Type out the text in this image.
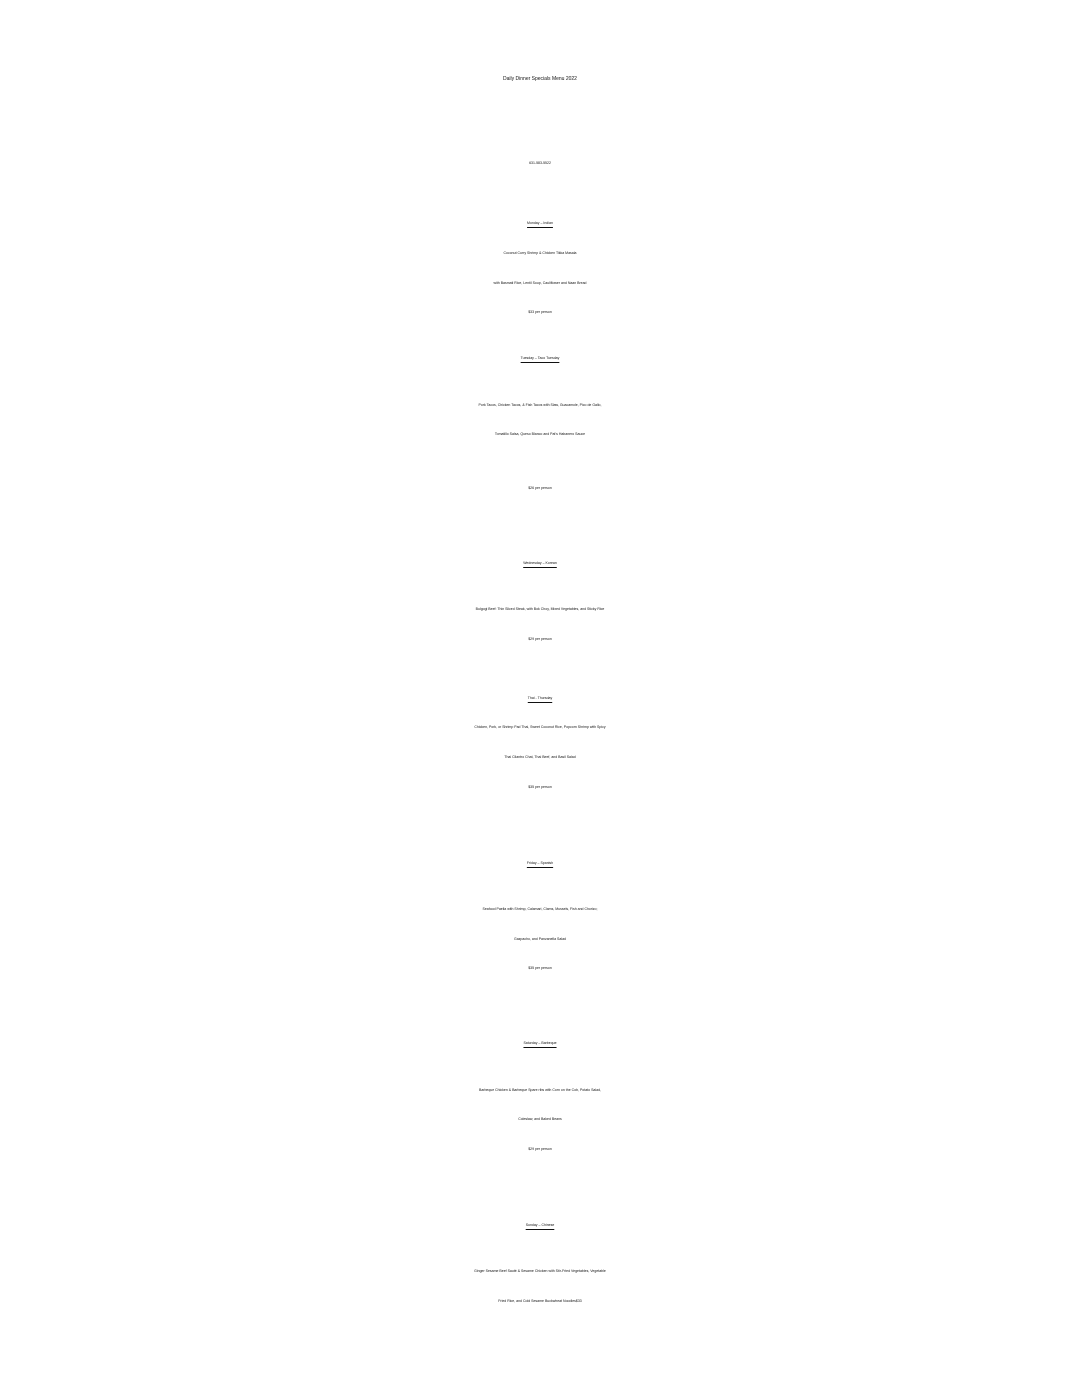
Daily Dinner Specials Menu 2022
631-583-5522
Monday – Indian
Coconut Curry Shrimp & Chicken Tikka Masala
with Basmati Rice, Lentil Soup, Cauliflower and Naan Bread
$33 per person
Tuesday – Taco Tuesday
Pork Tacos, Chicken Tacos, & Fish Tacos with Slaw, Guacamole, Pico de Gallo,
Tomatillo Salsa, Queso Blanco and Pat’s Habanero Sauce
$26 per person
Wednesday – Korean
Bulgogi Beef: Thin Sliced Steak, with Bok Choy, Mixed Vegetables, and Sticky Rice
$29 per person
Thai - Thursday
Chicken, Pork, or Shrimp Pad Thai, Sweet Coconut Rice, Popcorn Shrimp with Spicy
Thai Cilantro Chat, Thai Beef, and Basil Salad
$35 per person
Friday – Spanish
Seafood Paella with Shrimp, Calamari, Clams, Mussels, Fish and Chorizo;
Gazpacho, and Panzanella Salad
$35 per person
Saturday – Barbeque
Barbeque Chicken & Barbeque Spare ribs with Corn on the Cob, Potato Salad,
Coleslaw, and Baked Beans
$29 per person
Sunday – Chinese
Ginger Sesame Beef Sauté & Sesame Chicken with Stir-Fried Vegetables, Vegetable
Fried Rice, and Cold Sesame Buckwheat Noodles$33
